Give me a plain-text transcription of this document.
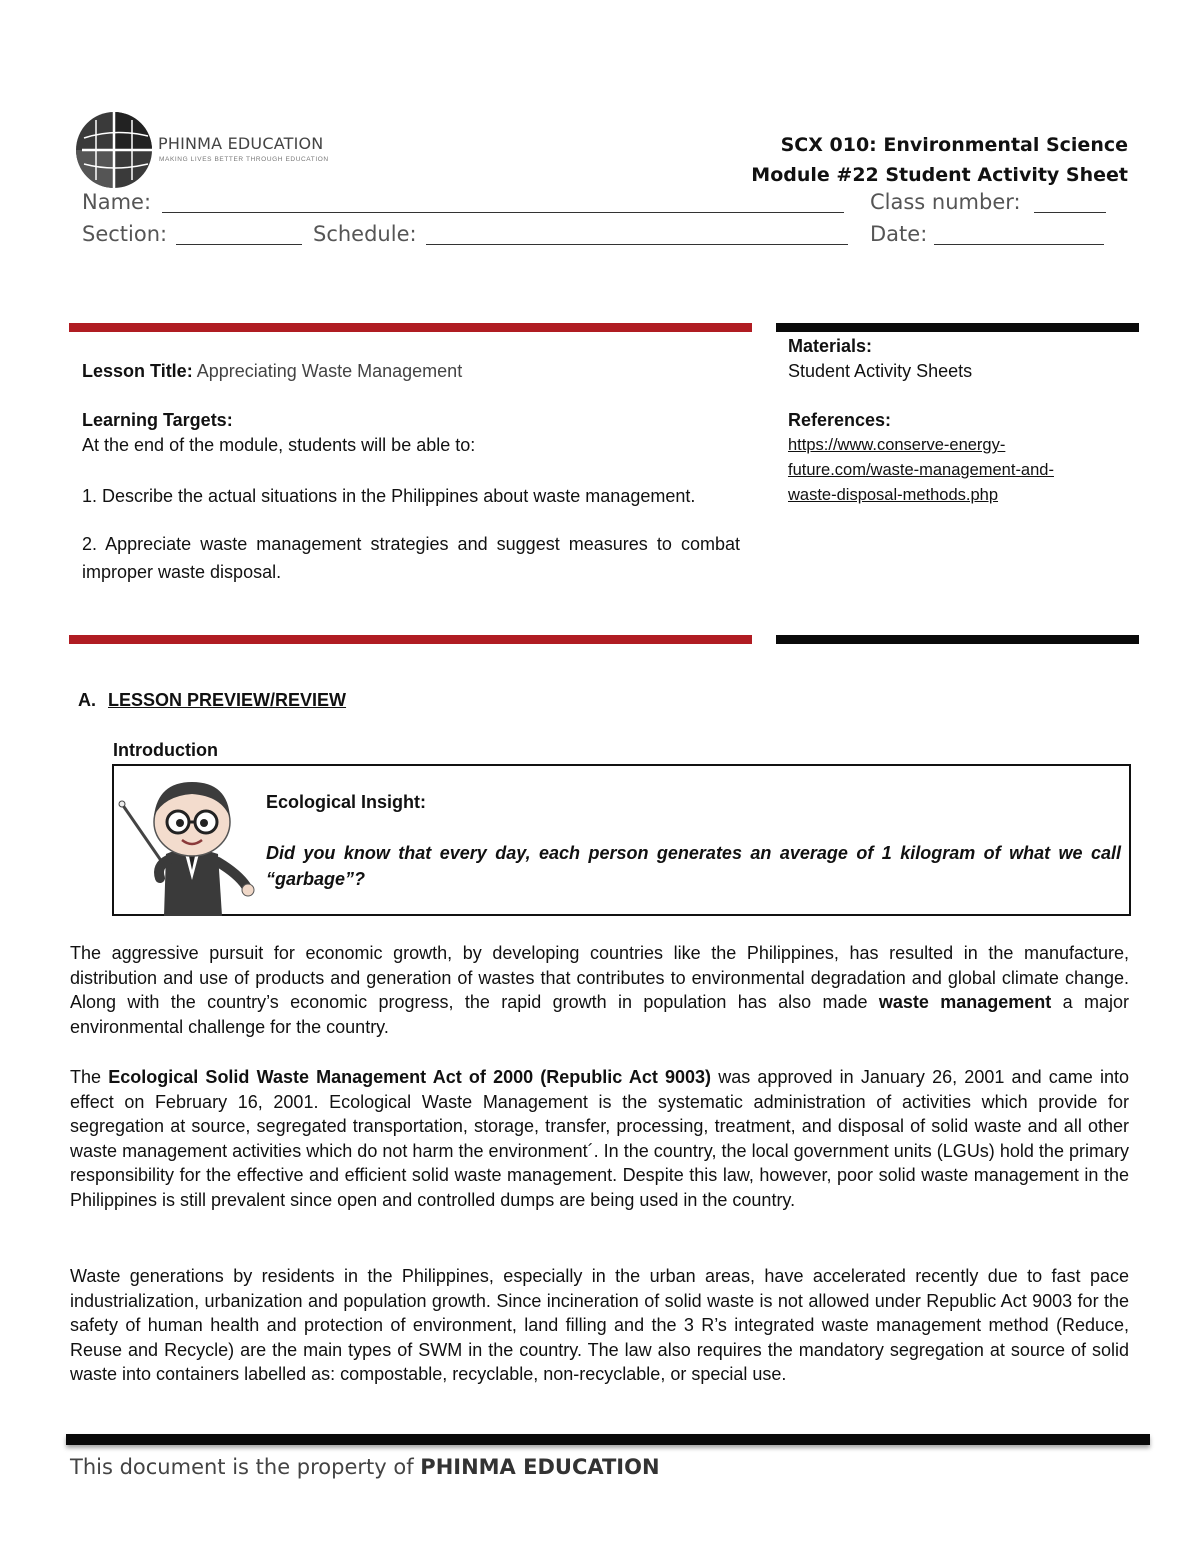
PHINMA EDUCATION
MAKING LIVES BETTER THROUGH EDUCATION
SCX 010: Environmental Science
Module #22 Student Activity Sheet
Name:	Class number:
Section:	Schedule:	Date:
Lesson Title: Appreciating Waste Management
Learning Targets:
At the end of the module, students will be able to:

1. Describe the actual situations in the Philippines about waste management.

2. Appreciate waste management strategies and suggest measures to combat improper waste disposal.

Materials:
Student Activity Sheets
References:
https://www.conserve-energy-
future.com/waste-management-and-
waste-disposal-methods.php
A. LESSON PREVIEW/REVIEW
Introduction
Ecological Insight:
Did you know that every day, each person generates an average of 1 kilogram of what we call “garbage”?
The aggressive pursuit for economic growth, by developing countries like the Philippines, has resulted in the manufacture, distribution and use of products and generation of wastes that contributes to environmental degradation and global climate change. Along with the country’s economic progress, the rapid growth in population has also made waste management a major environmental challenge for the country.
The Ecological Solid Waste Management Act of 2000 (Republic Act 9003) was approved in January 26, 2001 and came into effect on February 16, 2001. Ecological Waste Management is the systematic administration of activities which provide for segregation at source, segregated transportation, storage, transfer, processing, treatment, and disposal of solid waste and all other waste management activities which do not harm the environment´. In the country, the local government units (LGUs) hold the primary responsibility for the effective and efficient solid waste management. Despite this law, however, poor solid waste management in the Philippines is still prevalent since open and controlled dumps are being used in the country.
Waste generations by residents in the Philippines, especially in the urban areas, have accelerated recently due to fast pace industrialization, urbanization and population growth. Since incineration of solid waste is not allowed under Republic Act 9003 for the safety of human health and protection of environment, land filling and the 3 R’s integrated waste management method (Reduce, Reuse and Recycle) are the main types of SWM in the country. The law also requires the mandatory segregation at source of solid waste into containers labelled as: compostable, recyclable, non-recyclable, or special use.
This document is the property of PHINMA EDUCATION
